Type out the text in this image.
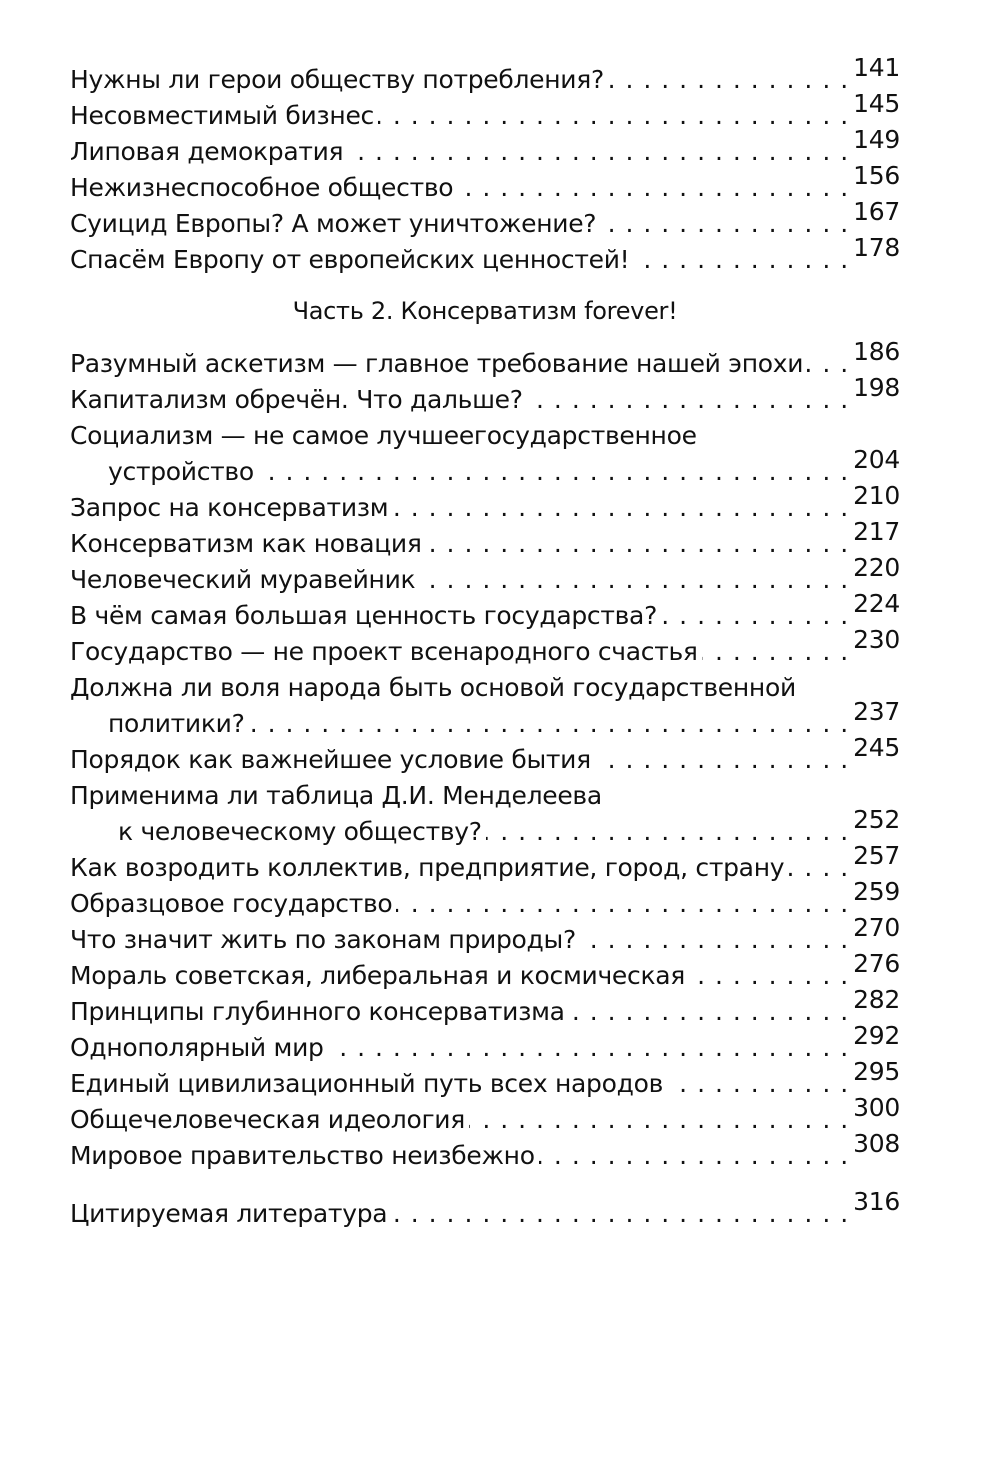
Нужны ли герои обществу потребления? . . .	141
Несовместимый бизнес . . .	145
Липовая демократия . . .	149
Нежизнеспособное общество . . .	156
Суицид Европы? А может уничтожение? . . .	167
Спасём Европу от европейских ценностей! . . .	178
Часть 2. Консерватизм forever!
Разумный аскетизм — главное требование нашей эпохи . . . 186
Капитализм обречён. Что дальше? . . .	198
Социализм — не самое лучшеегосударственное
устройство . . .	204
Запрос на консерватизм . . .	210
Консерватизм как новация . . .	217
Человеческий муравейник . . .	220
В чём самая большая ценность государства? . . .	224
Государство — не проект всенародного счастья . . .	230
Должна ли воля народа быть основой государственной
политики? . . .	237
Порядок как важнейшее условие бытия . . .	245
Применима ли таблица Д.И. Менделеева
к человеческому обществу? . . .	252
Как возродить коллектив, предприятие, город, страну . . .	257
Образцовое государство . . .	259
Что значит жить по законам природы? . . .	270
Мораль советская, либеральная и космическая . . .	276
Принципы глубинного консерватизма . . .	282
Однополярный мир . . .	292
Единый цивилизационный путь всех народов . . .	295
Общечеловеческая идеология . . .	300
Мировое правительство неизбежно . . .	308
Цитируемая литература . . .	316
